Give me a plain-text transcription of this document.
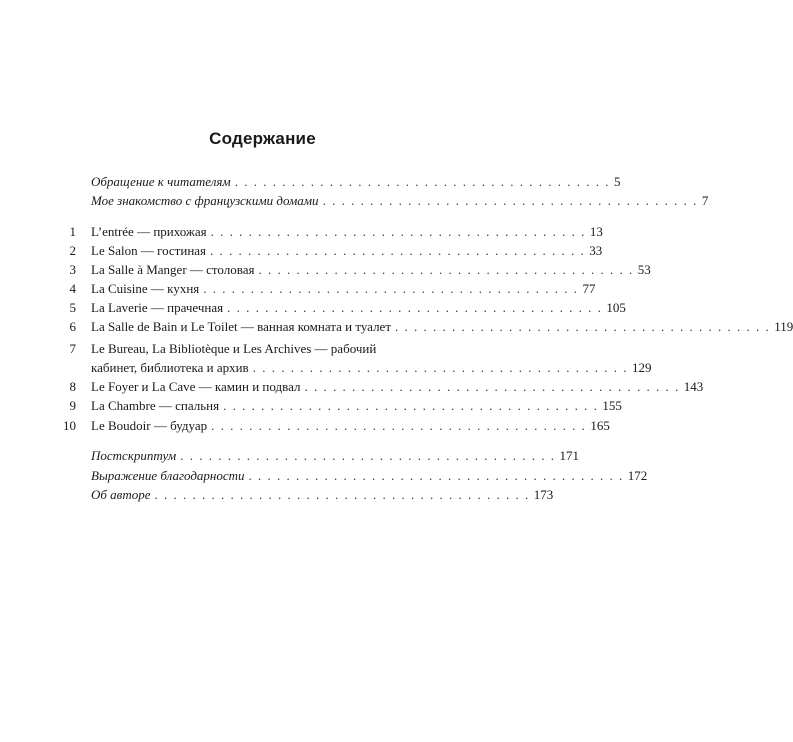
Содержание
Обращение к читателям . . . . . . . . . . . . . . . . . . . . . . . . . . . . . . . . . . . . . . . . 5
Мое знакомство с французскими домами . . . . . . . . . . . . . . . . . . . . . . . . . . . . . . . . . . . . . . . . 7
1 L’entrée — прихожая . . . . . . . . . . . . . . . . . . . . . . . . . . . . . . . . . . . . . . . . 13
2 Le Salon — гостиная . . . . . . . . . . . . . . . . . . . . . . . . . . . . . . . . . . . . . . . . 33
3 La Salle à Manger — столовая . . . . . . . . . . . . . . . . . . . . . . . . . . . . . . . . . . . . . . . . 53
4 La Cuisine — кухня . . . . . . . . . . . . . . . . . . . . . . . . . . . . . . . . . . . . . . . . 77
5 La Laverie — прачечная . . . . . . . . . . . . . . . . . . . . . . . . . . . . . . . . . . . . . . . . 105
6 La Salle de Bain и Le Toilet — ванная комната и туалет . . . . . . . . . . . . . . . . . . . . . . . . . . . . . . . . . . . . . . . . 119
7 Le Bureau, La Bibliotèque и Les Archives — рабочий
кабинет, библиотека и архив . . . . . . . . . . . . . . . . . . . . . . . . . . . . . . . . . . . . . . . . 129
8 Le Foyer и La Cave — камин и подвал . . . . . . . . . . . . . . . . . . . . . . . . . . . . . . . . . . . . . . . . 143
9 La Chambre — спальня . . . . . . . . . . . . . . . . . . . . . . . . . . . . . . . . . . . . . . . . 155
10 Le Boudoir — будуар . . . . . . . . . . . . . . . . . . . . . . . . . . . . . . . . . . . . . . . . 165
Постскриптум . . . . . . . . . . . . . . . . . . . . . . . . . . . . . . . . . . . . . . . . 171
Выражение благодарности . . . . . . . . . . . . . . . . . . . . . . . . . . . . . . . . . . . . . . . . 172
Об авторе . . . . . . . . . . . . . . . . . . . . . . . . . . . . . . . . . . . . . . . . 173
